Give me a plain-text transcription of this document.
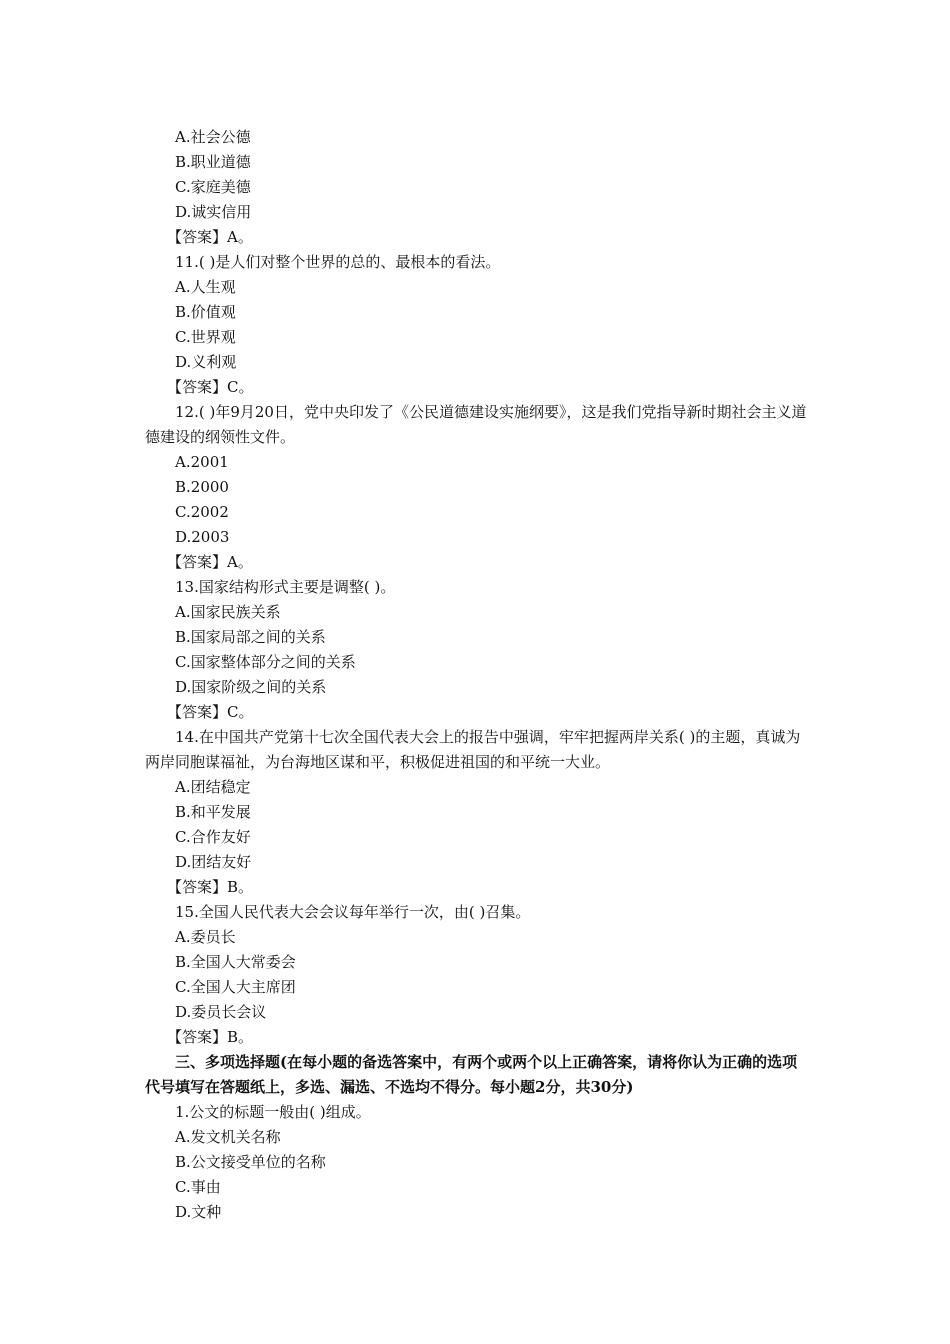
A.社会公德
B.职业道德
C.家庭美德
D.诚实信用
【答案】A。
11.( )是人们对整个世界的总的、最根本的看法。
A.人生观
B.价值观
C.世界观
D.义利观
【答案】C。
12.( )年9月20日，党中央印发了《公民道德建设实施纲要》，这是我们党指导新时期社会主义道德建设的纲领性文件。
A.2001
B.2000
C.2002
D.2003
【答案】A。
13.国家结构形式主要是调整( )。
A.国家民族关系
B.国家局部之间的关系
C.国家整体部分之间的关系
D.国家阶级之间的关系
【答案】C。
14.在中国共产党第十七次全国代表大会上的报告中强调，牢牢把握两岸关系( )的主题，真诚为两岸同胞谋福祉，为台海地区谋和平，积极促进祖国的和平统一大业。
A.团结稳定
B.和平发展
C.合作友好
D.团结友好
【答案】B。
15.全国人民代表大会会议每年举行一次，由( )召集。
A.委员长
B.全国人大常委会
C.全国人大主席团
D.委员长会议
【答案】B。
三、多项选择题(在每小题的备选答案中，有两个或两个以上正确答案，请将你认为正确的选项代号填写在答题纸上，多选、漏选、不选均不得分。每小题2分，共30分)
1.公文的标题一般由( )组成。
A.发文机关名称
B.公文接受单位的名称
C.事由
D.文种
